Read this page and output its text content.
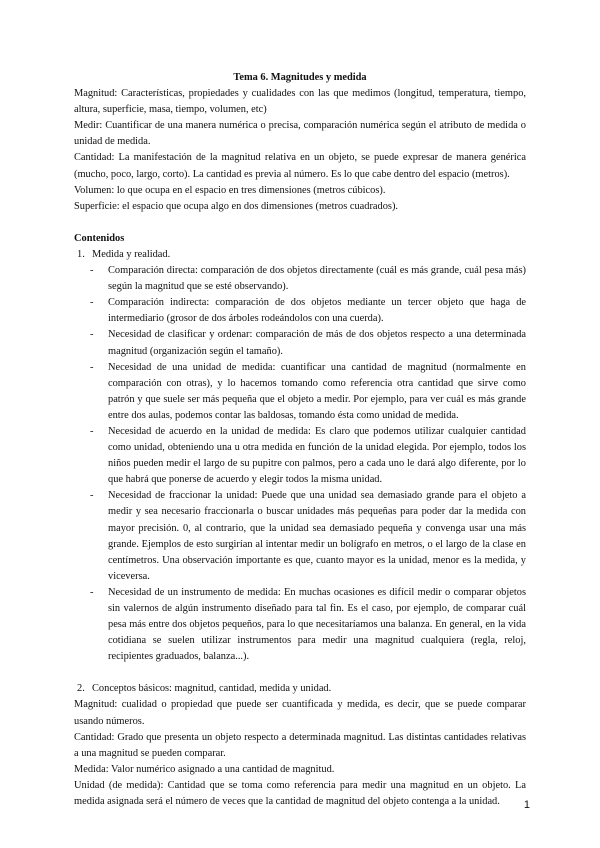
Tema 6. Magnitudes y medida

Magnitud: Características, propiedades y cualidades con las que medimos (longitud, temperatura, tiempo, altura, superficie, masa, tiempo, volumen, etc)

Medir: Cuantificar de una manera numérica o precisa, comparación numérica según el atributo de medida o unidad de medida.

Cantidad: La manifestación de la magnitud relativa en un objeto, se puede expresar de manera genérica (mucho, poco, largo, corto). La cantidad es previa al número. Es lo que cabe dentro del espacio (metros).

Volumen: lo que ocupa en el espacio en tres dimensiones (metros cúbicos).

Superficie: el espacio que ocupa algo en dos dimensiones (metros cuadrados).

Contenidos

1. Medida y realidad.
- Comparación directa: comparación de dos objetos directamente (cuál es más grande, cuál pesa más) según la magnitud que se esté observando).
- Comparación indirecta: comparación de dos objetos mediante un tercer objeto que haga de intermediario (grosor de dos árboles rodeándolos con una cuerda).
- Necesidad de clasificar y ordenar: comparación de más de dos objetos respecto a una determinada magnitud (organización según el tamaño).
- Necesidad de una unidad de medida: cuantificar una cantidad de magnitud (normalmente en comparación con otras), y lo hacemos tomando como referencia otra cantidad que sirve como patrón y que suele ser más pequeña que el objeto a medir. Por ejemplo, para ver cuál es más grande entre dos aulas, podemos contar las baldosas, tomando ésta como unidad de medida.
- Necesidad de acuerdo en la unidad de medida: Es claro que podemos utilizar cualquier cantidad como unidad, obteniendo una u otra medida en función de la unidad elegida. Por ejemplo, todos los niños pueden medir el largo de su pupitre con palmos, pero a cada uno le dará algo diferente, por lo que habrá que ponerse de acuerdo y elegir todos la misma unidad.
- Necesidad de fraccionar la unidad: Puede que una unidad sea demasiado grande para el objeto a medir y sea necesario fraccionarla o buscar unidades más pequeñas para poder dar la medida con mayor precisión. 0, al contrario, que la unidad sea demasiado pequeña y convenga usar una más grande. Ejemplos de esto surgirían al intentar medir un bolígrafo en metros, o el largo de la clase en centímetros. Una observación importante es que, cuanto mayor es la unidad, menor es la medida, y viceversa.
- Necesidad de un instrumento de medida: En muchas ocasiones es difícil medir o comparar objetos sin valernos de algún instrumento diseñado para tal fin. Es el caso, por ejemplo, de comparar cuál pesa más entre dos objetos pequeños, para lo que necesitaríamos una balanza. En general, en la vida cotidiana se suelen utilizar instrumentos para medir una magnitud cualquiera (regla, reloj, recipientes graduados, balanza...).
2. Conceptos básicos: magnitud, cantidad, medida y unidad.

Magnitud: cualidad o propiedad que puede ser cuantificada y medida, es decir, que se puede comparar usando números.

Cantidad: Grado que presenta un objeto respecto a determinada magnitud. Las distintas cantidades relativas a una magnitud se pueden comparar.

Medida: Valor numérico asignado a una cantidad de magnitud.

Unidad (de medida): Cantidad que se toma como referencia para medir una magnitud en un objeto. La medida asignada será el número de veces que la cantidad de magnitud del objeto contenga a la unidad.	1
